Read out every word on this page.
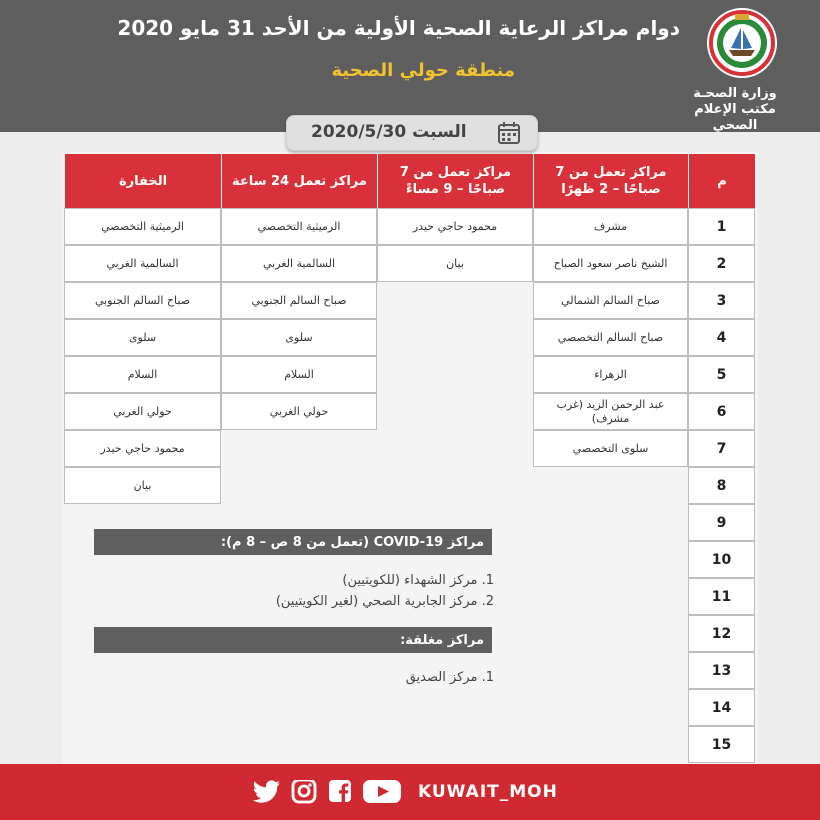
دوام مراكز الرعاية الصحية الأولية من الأحد 31 مايو 2020
منطقة حولي الصحية
وزارة الصحـة
مكتب الإعلام الصحي
السبت 2020/5/30
م
مراكز تعمل من 7 صباحًا – 2 ظهرًا
مراكز تعمل من 7 صباحًا – 9 مساءً
مراكز تعمل 24 ساعة
الخفارة
1
2
3
4
5
6
7
8
9
10
11
12
13
14
15
مشرف
الشيخ ناصر سعود الصباح
صباح السالم الشمالي
صباح السالم التخصصي
الزهراء
عبد الرحمن الزيد (غرب مشرف)
سلوى التخصصي
محمود حاجي حيدر
بيان
الرميثية التخصصي
السالمية الغربي
صباح السالم الجنوبي
سلوى
السلام
حولي الغربي
الرميثية التخصصي
السالمية الغربي
صباح السالم الجنوبي
سلوى
السلام
حولي الغربي
محمود حاجي حيدر
بيان
مراكز COVID-19 (تعمل من 8 ص – 8 م):
1. مركز الشهداء (للكويتيين)
2. مركز الجابرية الصحي (لغير الكويتيين)
مراكز مغلقة:
1. مركز الصديق
KUWAIT_MOH
